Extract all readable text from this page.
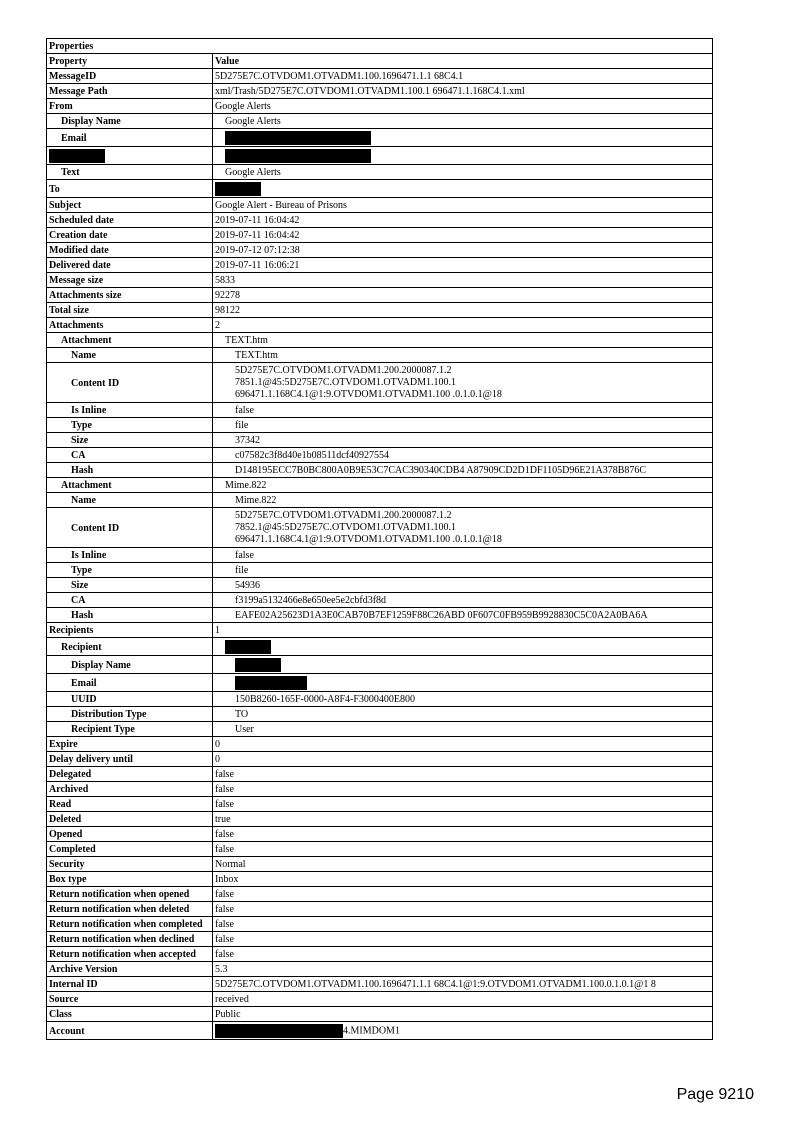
Properties	
Property	Value
MessageID	5D275E7C.OTVDOM1.OTVADM1.100.1696471.1.1 68C4.1
Message Path	xml/Trash/5D275E7C.OTVDOM1.OTVADM1.100.1 696471.1.168C4.1.xml
From	Google Alerts
Display Name	Google Alerts
Email	

Text	Google Alerts
To	
Subject	Google Alert - Bureau of Prisons
Scheduled date	2019-07-11 16:04:42
Creation date	2019-07-11 16:04:42
Modified date	2019-07-12 07:12:38
Delivered date	2019-07-11 16:06:21
Message size	5833
Attachments size	92278
Total size	98122
Attachments	2
Attachment	TEXT.htm
Name	TEXT.htm
Content ID	5D275E7C.OTVDOM1.OTVADM1.200.2000087.1.2
7851.1@45:5D275E7C.OTVDOM1.OTVADM1.100.1
696471.1.168C4.1@1:9.OTVDOM1.OTVADM1.100 .0.1.0.1@18

Is Inline	false
Type	file
Size	37342
CA	c07582c3f8d40e1b08511dcf40927554
Hash	D148195ECC7B0BC800A0B9E53C7CAC390340CDB4 A87909CD2D1DF1105D96E21A378B876C
Attachment	Mime.822
Name	Mime.822
Content ID	5D275E7C.OTVDOM1.OTVADM1.200.2000087.1.2
7852.1@45:5D275E7C.OTVDOM1.OTVADM1.100.1
696471.1.168C4.1@1:9.OTVDOM1.OTVADM1.100 .0.1.0.1@18

Is Inline	false
Type	file
Size	54936
CA	f3199a5132466e8e650ee5e2cbfd3f8d
Hash	EAFE02A25623D1A3E0CAB70B7EF1259F88C26ABD 0F607C0FB959B9928830C5C0A2A0BA6A
Recipients	1
Recipient	
Display Name	
Email	
UUID	150B8260-165F-0000-A8F4-F3000400E800
Distribution Type	TO
Recipient Type	User
Expire	0
Delay delivery until	0
Delegated	false
Archived	false
Read	false
Deleted	true
Opened	false
Completed	false
Security	Normal
Box type	Inbox
Return notification when opened	false
Return notification when deleted	false
Return notification when completed	false
Return notification when declined	false
Return notification when accepted	false
Archive Version	5.3
Internal ID	5D275E7C.OTVDOM1.OTVADM1.100.1696471.1.1 68C4.1@1:9.OTVDOM1.OTVADM1.100.0.1.0.1@1 8
Source	received
Class	Public
Account	4.MIMDOM1
Page 9210
